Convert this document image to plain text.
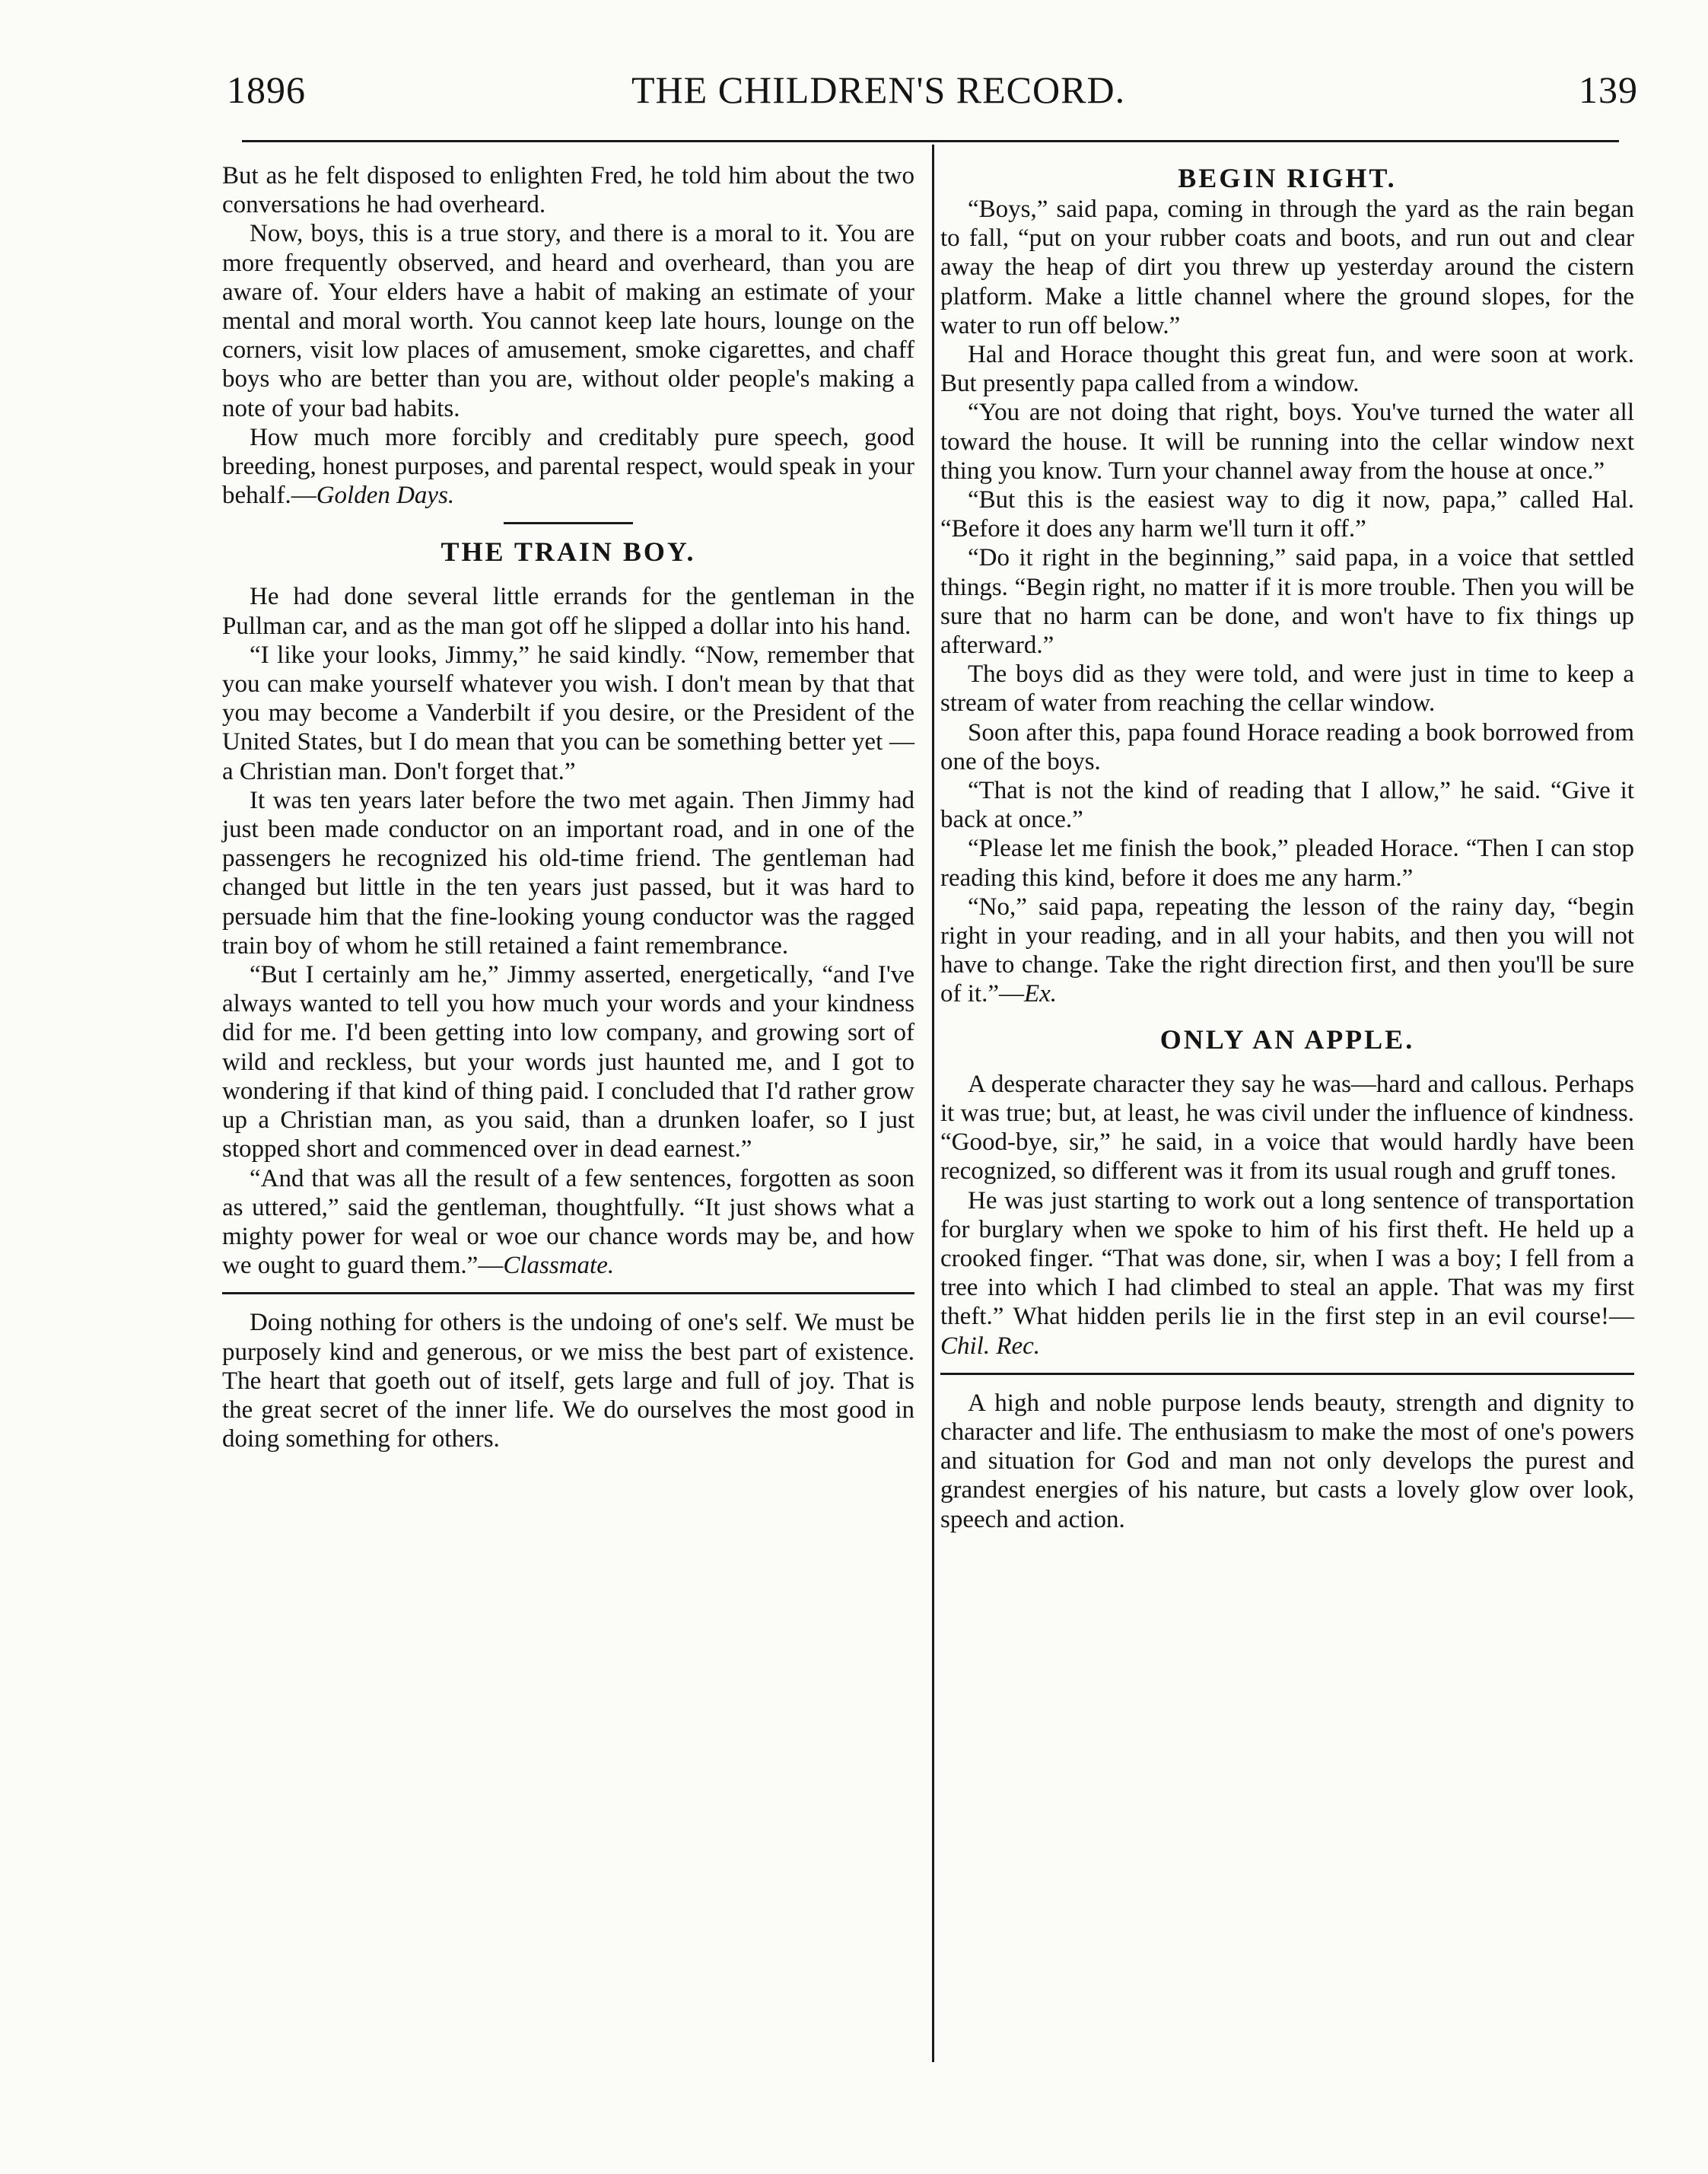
1896	THE CHILDREN'S RECORD.	139

But as he felt disposed to enlighten Fred, he told him about the two conversations he had overheard.

Now, boys, this is a true story, and there is a moral to it. You are more frequently observed, and heard and overheard, than you are aware of. Your elders have a habit of making an estimate of your mental and moral worth. You cannot keep late hours, lounge on the corners, visit low places of amusement, smoke cigarettes, and chaff boys who are better than you are, without older people's making a note of your bad habits.

How much more forcibly and creditably pure speech, good breeding, honest purposes, and parental respect, would speak in your behalf.—Golden Days.

THE TRAIN BOY.

He had done several little errands for the gentleman in the Pullman car, and as the man got off he slipped a dollar into his hand.

“I like your looks, Jimmy,” he said kindly. “Now, remember that you can make yourself whatever you wish. I don't mean by that that you may become a Vanderbilt if you desire, or the President of the United States, but I do mean that you can be something better yet — a Christian man. Don't forget that.”

It was ten years later before the two met again. Then Jimmy had just been made conductor on an important road, and in one of the passengers he recognized his old-time friend. The gentleman had changed but little in the ten years just passed, but it was hard to persuade him that the fine-looking young conductor was the ragged train boy of whom he still retained a faint remembrance.

“But I certainly am he,” Jimmy asserted, energetically, “and I've always wanted to tell you how much your words and your kindness did for me. I'd been getting into low company, and growing sort of wild and reckless, but your words just haunted me, and I got to wondering if that kind of thing paid. I concluded that I'd rather grow up a Christian man, as you said, than a drunken loafer, so I just stopped short and commenced over in dead earnest.”

“And that was all the result of a few sentences, forgotten as soon as uttered,” said the gentleman, thoughtfully. “It just shows what a mighty power for weal or woe our chance words may be, and how we ought to guard them.”—Classmate.

Doing nothing for others is the undoing of one's self. We must be purposely kind and generous, or we miss the best part of existence. The heart that goeth out of itself, gets large and full of joy. That is the great secret of the inner life. We do ourselves the most good in doing something for others.

BEGIN RIGHT.

“Boys,” said papa, coming in through the yard as the rain began to fall, “put on your rubber coats and boots, and run out and clear away the heap of dirt you threw up yesterday around the cistern platform. Make a little channel where the ground slopes, for the water to run off below.”

Hal and Horace thought this great fun, and were soon at work. But presently papa called from a window.

“You are not doing that right, boys. You've turned the water all toward the house. It will be running into the cellar window next thing you know. Turn your channel away from the house at once.”

“But this is the easiest way to dig it now, papa,” called Hal. “Before it does any harm we'll turn it off.”

“Do it right in the beginning,” said papa, in a voice that settled things. “Begin right, no matter if it is more trouble. Then you will be sure that no harm can be done, and won't have to fix things up afterward.”

The boys did as they were told, and were just in time to keep a stream of water from reaching the cellar window.

Soon after this, papa found Horace reading a book borrowed from one of the boys.

“That is not the kind of reading that I allow,” he said. “Give it back at once.”

“Please let me finish the book,” pleaded Horace. “Then I can stop reading this kind, before it does me any harm.”

“No,” said papa, repeating the lesson of the rainy day, “begin right in your reading, and in all your habits, and then you will not have to change. Take the right direction first, and then you'll be sure of it.”—Ex.

ONLY AN APPLE.

A desperate character they say he was—hard and callous. Perhaps it was true; but, at least, he was civil under the influence of kindness. “Good-bye, sir,” he said, in a voice that would hardly have been recognized, so different was it from its usual rough and gruff tones.

He was just starting to work out a long sentence of transportation for burglary when we spoke to him of his first theft. He held up a crooked finger. “That was done, sir, when I was a boy; I fell from a tree into which I had climbed to steal an apple. That was my first theft.” What hidden perils lie in the first step in an evil course!—Chil. Rec.

A high and noble purpose lends beauty, strength and dignity to character and life. The enthusiasm to make the most of one's powers and situation for God and man not only develops the purest and grandest energies of his nature, but casts a lovely glow over look, speech and action.
